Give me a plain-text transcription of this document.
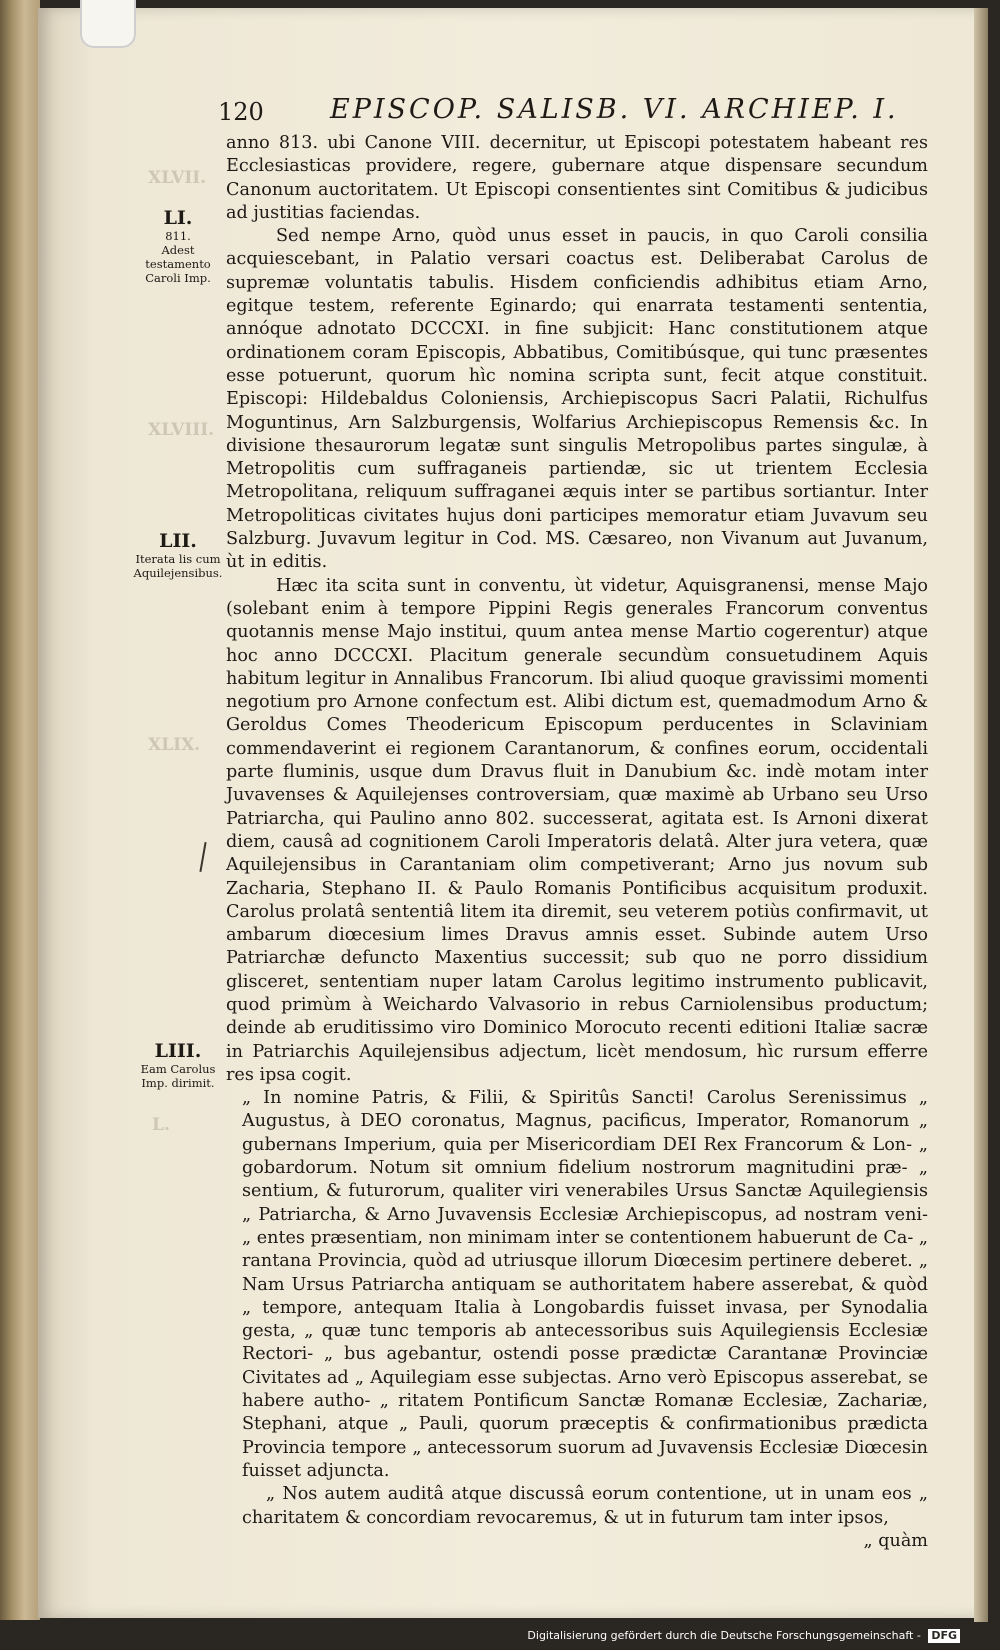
120 EPISCOP. SALISB. VI. ARCHIEP. I.
XLVII.
XLVIII.
XLIX.
L.
LI.
811.
Adest testamento Caroli Imp.
LII.
Iterata lis cum Aquilejensibus.
LIII.
Eam Carolus Imp. dirimit.

anno 813. ubi Canone VIII. decernitur, ut Episcopi potestatem habeant res Ecclesiasticas providere, regere, gubernare atque dispensare secundum Canonum auctoritatem. Ut Episcopi consentientes sint Comitibus & judicibus ad justitias faciendas.

Sed nempe Arno, quòd unus esset in paucis, in quo Caroli consilia acquiescebant, in Palatio versari coactus est. Deliberabat Carolus de supremæ voluntatis tabulis. Hisdem conficiendis adhibitus etiam Arno, egitque testem, referente Eginardo; qui enarrata testamenti sententia, annóque adnotato DCCCXI. in fine subjicit: Hanc constitutionem atque ordinationem coram Episcopis, Abbatibus, Comitibúsque, qui tunc præsentes esse potuerunt, quorum hìc nomina scripta sunt, fecit atque constituit. Episcopi: Hildebaldus Coloniensis, Archiepiscopus Sacri Palatii, Richulfus Moguntinus, Arn Salzburgensis, Wolfarius Archiepiscopus Remensis &c. In divisione thesaurorum legatæ sunt singulis Metropolibus partes singulæ, à Metropolitis cum suffraganeis partiendæ, sic ut trientem Ecclesia Metropolitana, reliquum suffraganei æquis inter se partibus sortiantur. Inter Metropoliticas civitates hujus doni participes memoratur etiam Juvavum seu Salzburg. Juvavum legitur in Cod. MS. Cæsareo, non Vivanum aut Juvanum, ùt in editis.

Hæc ita scita sunt in conventu, ùt videtur, Aquisgranensi, mense Majo (solebant enim à tempore Pippini Regis generales Francorum conventus quotannis mense Majo institui, quum antea mense Martio cogerentur) atque hoc anno DCCCXI. Placitum generale secundùm consuetudinem Aquis habitum legitur in Annalibus Francorum. Ibi aliud quoque gravissimi momenti negotium pro Arnone confectum est. Alibi dictum est, quemadmodum Arno & Geroldus Comes Theodericum Episcopum perducentes in Sclaviniam commendaverint ei regionem Carantanorum, & confines eorum, occidentali parte fluminis, usque dum Dravus fluit in Danubium &c. indè motam inter Juvavenses & Aquilejenses controversiam, quæ maximè ab Urbano seu Urso Patriarcha, qui Paulino anno 802. successerat, agitata est. Is Arnoni dixerat diem, causâ ad cognitionem Caroli Imperatoris delatâ. Alter jura vetera, quæ Aquilejensibus in Carantaniam olim competiverant; Arno jus novum sub Zacharia, Stephano II. & Paulo Romanis Pontificibus acquisitum produxit. Carolus prolatâ sententiâ litem ita diremit, seu veterem potiùs confirmavit, ut ambarum diœcesium limes Dravus amnis esset. Subinde autem Urso Patriarchæ defuncto Maxentius successit; sub quo ne porro dissidium glisceret, sententiam nuper latam Carolus legitimo instrumento publicavit, quod primùm à Weichardo Valvasorio in rebus Carniolensibus productum; deinde ab eruditissimo viro Dominico Morocuto recenti editioni Italiæ sacræ in Patriarchis Aquilejensibus adjectum, licèt mendosum, hìc rursum efferre res ipsa cogit.

„ In nomine Patris, & Filii, & Spiritûs Sancti! Carolus Serenissimus „ Augustus, à DEO coronatus, Magnus, pacificus, Imperator, Romanorum „ gubernans Imperium, quia per Misericordiam DEI Rex Francorum & Lon- „ gobardorum. Notum sit omnium fidelium nostrorum magnitudini præ- „ sentium, & futurorum, qualiter viri venerabiles Ursus Sanctæ Aquilegiensis „ Patriarcha, & Arno Juvavensis Ecclesiæ Archiepiscopus, ad nostram veni- „ entes præsentiam, non minimam inter se contentionem habuerunt de Ca- „ rantana Provincia, quòd ad utriusque illorum Diœcesim pertinere deberet. „ Nam Ursus Patriarcha antiquam se authoritatem habere asserebat, & quòd „ tempore, antequam Italia à Longobardis fuisset invasa, per Synodalia gesta, „ quæ tunc temporis ab antecessoribus suis Aquilegiensis Ecclesiæ Rectori- „ bus agebantur, ostendi posse prædictæ Carantanæ Provinciæ Civitates ad „ Aquilegiam esse subjectas. Arno verò Episcopus asserebat, se habere autho- „ ritatem Pontificum Sanctæ Romanæ Ecclesiæ, Zachariæ, Stephani, atque „ Pauli, quorum præceptis & confirmationibus prædicta Provincia tempore „ antecessorum suorum ad Juvavensis Ecclesiæ Diœcesin fuisset adjuncta.

„ Nos autem auditâ atque discussâ eorum contentione, ut in unam eos „ charitatem & concordiam revocaremus, & ut in futurum tam inter ipsos,

„ quàm

Digitalisierung gefördert durch die Deutsche Forschungsgemeinschaft - DFG
